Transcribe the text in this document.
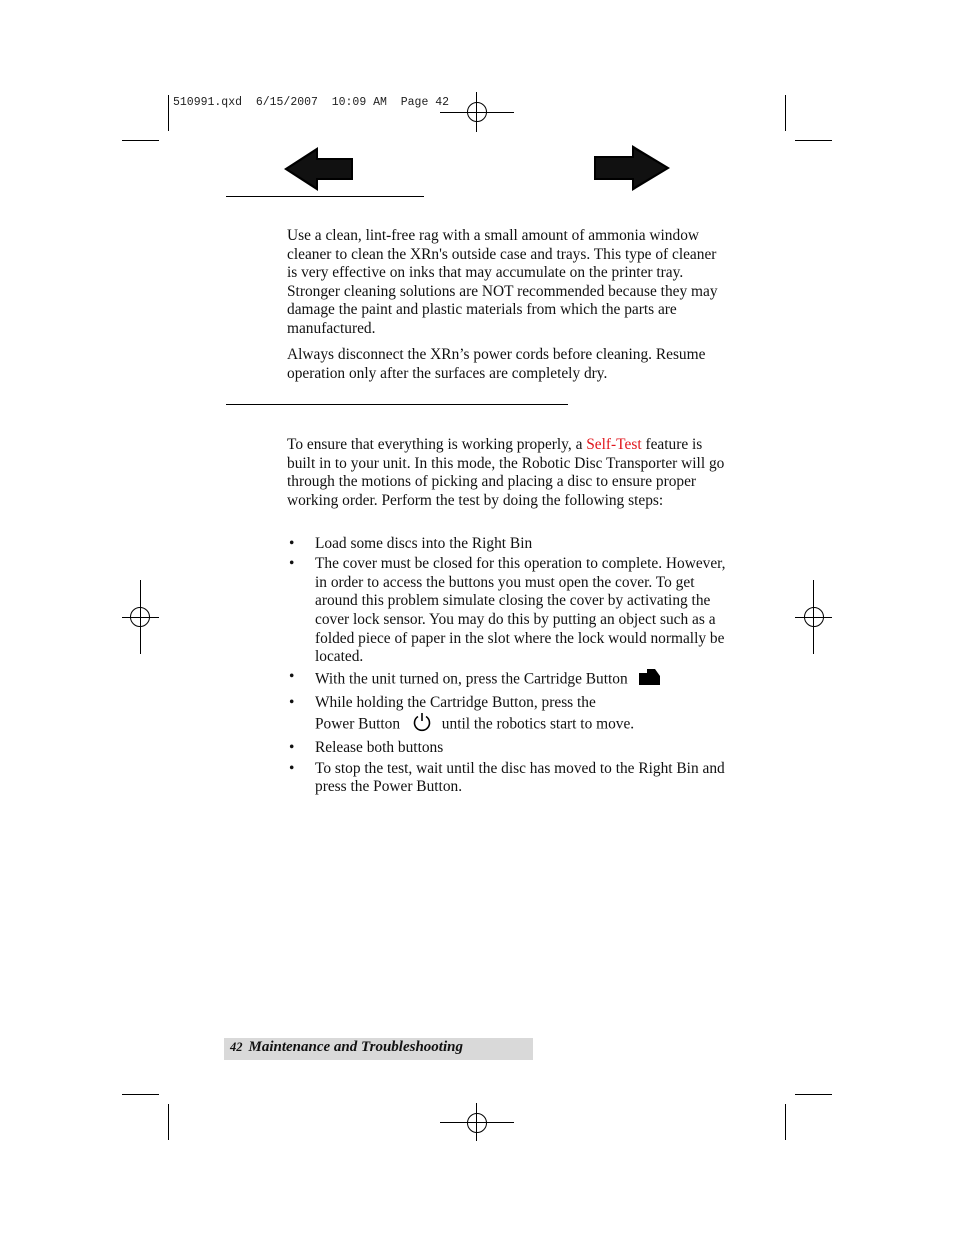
510991.qxd  6/15/2007  10:09 AM  Page 42

Use a clean, lint-free rag with a small amount of ammonia window cleaner to clean the XRn's outside case and trays. This type of cleaner is very effective on inks that may accumulate on the printer tray. Stronger cleaning solutions are NOT recommended because they may damage the paint and plastic materials from which the parts are manufactured.

Always disconnect the XRn’s power cords before cleaning. Resume operation only after the surfaces are completely dry.

To ensure that everything is working properly, a Self-Test feature is built in to your unit. In this mode, the Robotic Disc Transporter will go through the motions of picking and placing a disc to ensure proper working order. Perform the test by doing the following steps:

• Load some discs into the Right Bin
• The cover must be closed for this operation to complete. However, in order to access the buttons you must open the cover. To get around this problem simulate closing the cover by activating the cover lock sensor. You may do this by putting an object such as a folded piece of paper in the slot where the lock would normally be located.
• With the unit turned on, press the Cartridge Button
• While holding the Cartridge Button, press the
Power Button	until the robotics start to move.
• Release both buttons
• To stop the test, wait until the disc has moved to the Right Bin and press the Power Button.
42 Maintenance and Troubleshooting
